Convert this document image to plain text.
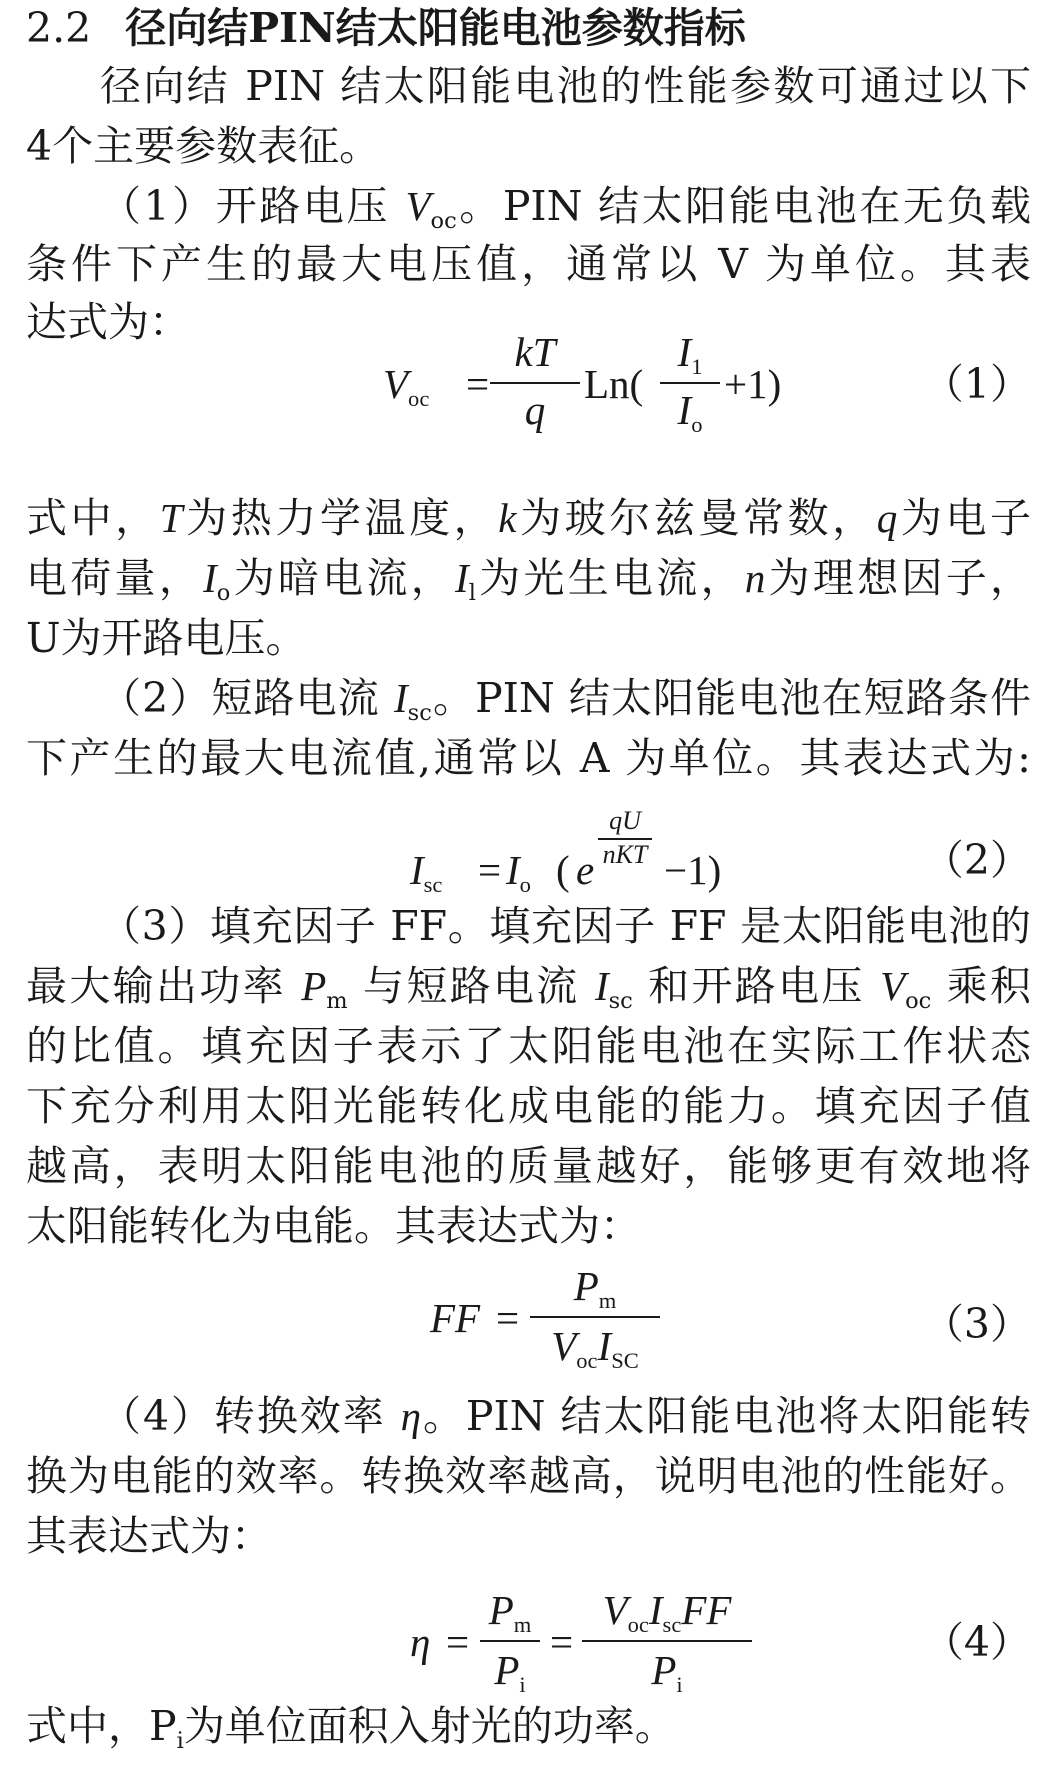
2.2 径向结PIN结太阳能电池参数指标
径向结 PIN 结太阳能电池的性能参数可通过以下
4个主要参数表征。
（1）开路电压 $V_{oc}$。PIN 结太阳能电池在无负载
条件下产生的最大电压值，通常以 V 为单位。其表
达式为：
$V_{oc}$ =
kT
q
Ln(
$I_1$
$I_o$
+1)	（1）
式中，T为热力学温度，k为玻尔兹曼常数，q为电子
电荷量，$I_o$为暗电流，$I_l$为光生电流，n为理想因子，
U为开路电压。
（2）短路电流 $I_{sc}$。PIN 结太阳能电池在短路条件
下产生的最大电流值,通常以 A 为单位。其表达式为:
$I_{sc} = I_o$ ( e
qU
nKT −1)	（2）
（3）填充因子 FF。填充因子 FF 是太阳能电池的
最大输出功率 $P_m$ 与短路电流 $I_{sc}$ 和开路电压 $V_{oc}$ 乘积
的比值。填充因子表示了太阳能电池在实际工作状态
下充分利用太阳光能转化成电能的能力。填充因子值
越高，表明太阳能电池的质量越好，能够更有效地将
太阳能转化为电能。其表达式为：
FF =
$P_m$
$V_{oc}I_{SC}$
（3）
（4）转换效率 η。PIN 结太阳能电池将太阳能转
换为电能的效率。转换效率越高，说明电池的性能好。
其表达式为：
η =
$P_m$
$P_i$
=
$V_{oc}I_{sc}FF$
$P_i$
（4）
式中，$P_i$为单位面积入射光的功率。
